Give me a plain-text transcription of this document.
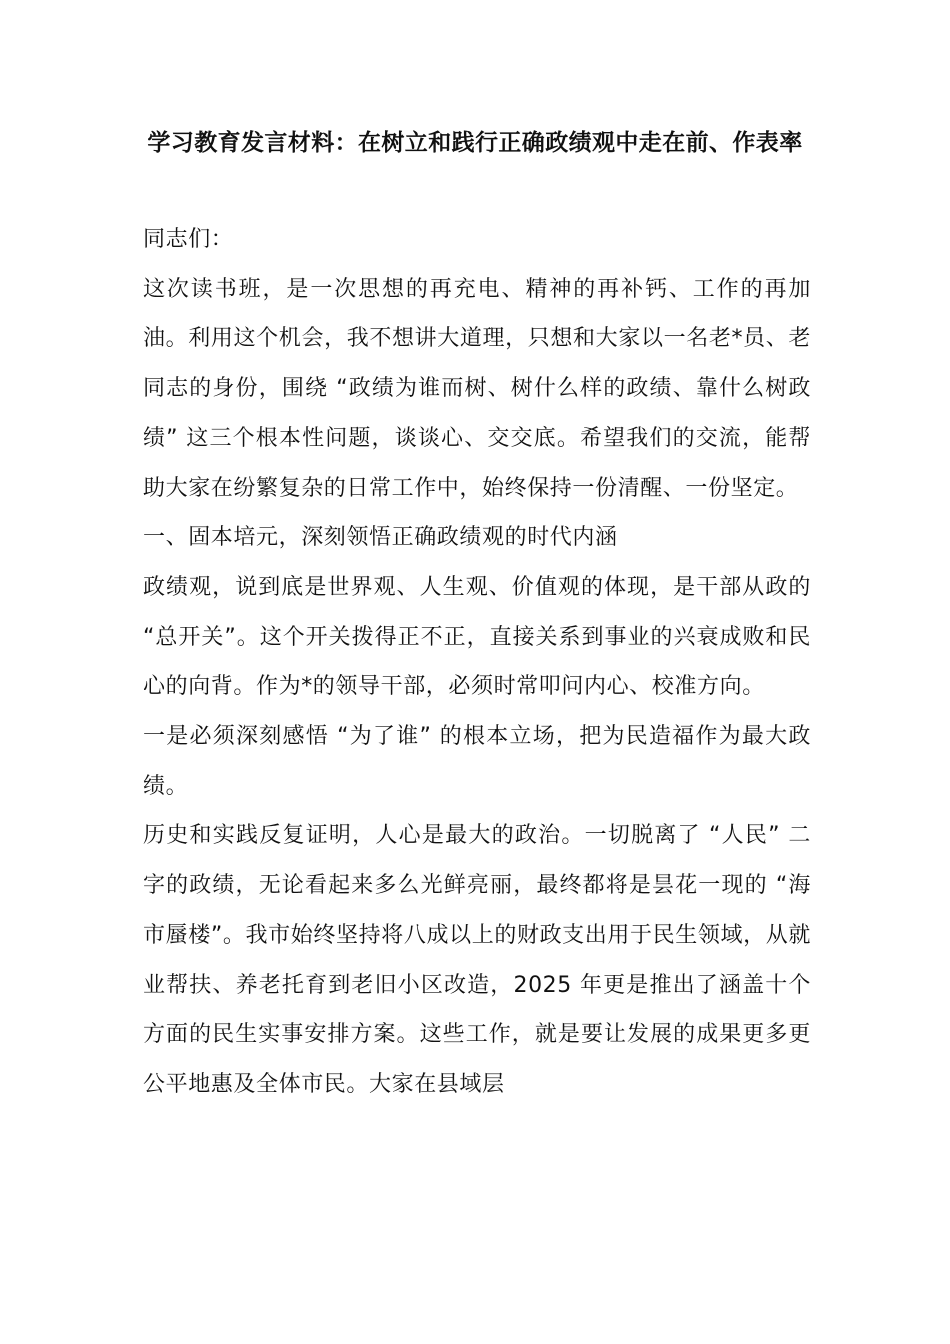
学习教育发言材料：在树立和践行正确政绩观中走在前、作表率

同志们：

这次读书班，是一次思想的再充电、精神的再补钙、工作的再加油。利用这个机会，我不想讲大道理，只想和大家以一名老*员、老同志的身份，围绕 “政绩为谁而树、树什么样的政绩、靠什么树政绩” 这三个根本性问题，谈谈心、交交底。希望我们的交流，能帮助大家在纷繁复杂的日常工作中，始终保持一份清醒、一份坚定。

一、固本培元，深刻领悟正确政绩观的时代内涵

政绩观，说到底是世界观、人生观、价值观的体现，是干部从政的 “总开关”。这个开关拨得正不正，直接关系到事业的兴衰成败和民心的向背。作为*的领导干部，必须时常叩问内心、校准方向。

一是必须深刻感悟 “为了谁” 的根本立场，把为民造福作为最大政绩。

历史和实践反复证明，人心是最大的政治。一切脱离了 “人民” 二字的政绩，无论看起来多么光鲜亮丽，最终都将是昙花一现的 “海市蜃楼”。我市始终坚持将八成以上的财政支出用于民生领域，从就业帮扶、养老托育到老旧小区改造，2025 年更是推出了涵盖十个方面的民生实事安排方案。这些工作，就是要让发展的成果更多更公平地惠及全体市民。大家在县域层
